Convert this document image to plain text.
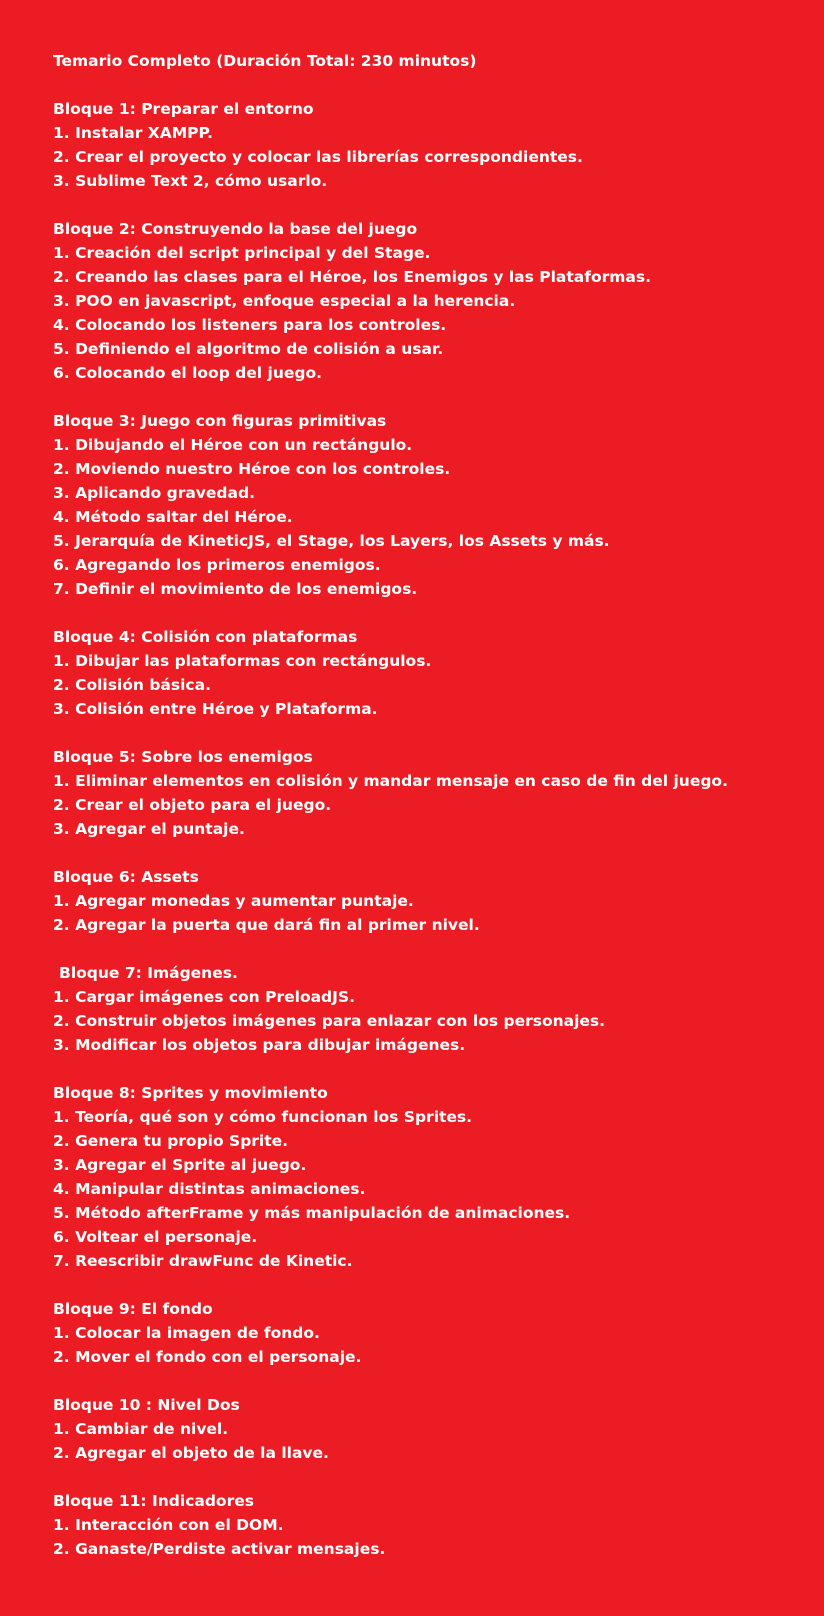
Temario Completo (Duración Total: 230 minutos)
Bloque 1: Preparar el entorno
1. Instalar XAMPP.
2. Crear el proyecto y colocar las librerías correspondientes.
3. Sublime Text 2, cómo usarlo.
Bloque 2: Construyendo la base del juego
1. Creación del script principal y del Stage.
2. Creando las clases para el Héroe, los Enemigos y las Plataformas.
3. POO en javascript, enfoque especial a la herencia.
4. Colocando los listeners para los controles.
5. Definiendo el algoritmo de colisión a usar.
6. Colocando el loop del juego.
Bloque 3: Juego con figuras primitivas
1. Dibujando el Héroe con un rectángulo.
2. Moviendo nuestro Héroe con los controles.
3. Aplicando gravedad.
4. Método saltar del Héroe.
5. Jerarquía de KineticJS, el Stage, los Layers, los Assets y más.
6. Agregando los primeros enemigos.
7. Definir el movimiento de los enemigos.
Bloque 4: Colisión con plataformas
1. Dibujar las plataformas con rectángulos.
2. Colisión básica.
3. Colisión entre Héroe y Plataforma.
Bloque 5: Sobre los enemigos
1. Eliminar elementos en colisión y mandar mensaje en caso de fin del juego.
2. Crear el objeto para el juego.
3. Agregar el puntaje.
Bloque 6: Assets
1. Agregar monedas y aumentar puntaje.
2. Agregar la puerta que dará fin al primer nivel.
Bloque 7: Imágenes.
1. Cargar imágenes con PreloadJS.
2. Construir objetos imágenes para enlazar con los personajes.
3. Modificar los objetos para dibujar imágenes.
Bloque 8: Sprites y movimiento
1. Teoría, qué son y cómo funcionan los Sprites.
2. Genera tu propio Sprite.
3. Agregar el Sprite al juego.
4. Manipular distintas animaciones.
5. Método afterFrame y más manipulación de animaciones.
6. Voltear el personaje.
7. Reescribir drawFunc de Kinetic.
Bloque 9: El fondo
1. Colocar la imagen de fondo.
2. Mover el fondo con el personaje.
Bloque 10 : Nivel Dos
1. Cambiar de nivel.
2. Agregar el objeto de la llave.
Bloque 11: Indicadores
1. Interacción con el DOM.
2. Ganaste/Perdiste activar mensajes.
